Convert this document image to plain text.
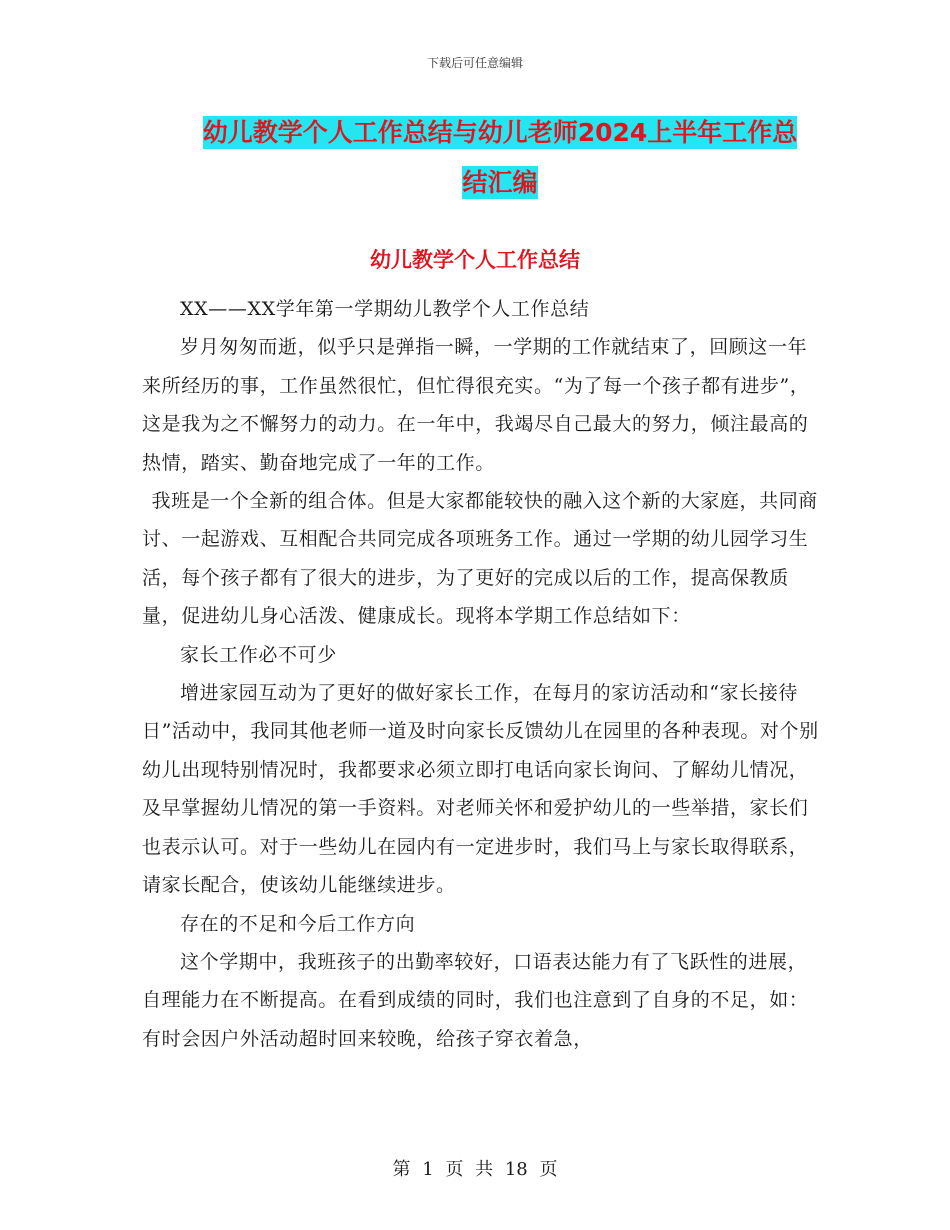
下载后可任意编辑
幼儿教学个人工作总结与幼儿老师2024上半年工作总
结汇编
幼儿教学个人工作总结

XX——XX学年第一学期幼儿教学个人工作总结

岁月匆匆而逝，似乎只是弹指一瞬，一学期的工作就结束了，回顾这一年来所经历的事，工作虽然很忙，但忙得很充实。“为了每一个孩子都有进步”，这是我为之不懈努力的动力。在一年中，我竭尽自己最大的努力，倾注最高的热情，踏实、勤奋地完成了一年的工作。

我班是一个全新的组合体。但是大家都能较快的融入这个新的大家庭，共同商讨、一起游戏、互相配合共同完成各项班务工作。通过一学期的幼儿园学习生活，每个孩子都有了很大的进步，为了更好的完成以后的工作，提高保教质量，促进幼儿身心活泼、健康成长。现将本学期工作总结如下：

家长工作必不可少

增进家园互动为了更好的做好家长工作，在每月的家访活动和“家长接待日”活动中，我同其他老师一道及时向家长反馈幼儿在园里的各种表现。对个别幼儿出现特别情况时，我都要求必须立即打电话向家长询问、了解幼儿情况，及早掌握幼儿情况的第一手资料。对老师关怀和爱护幼儿的一些举措，家长们也表示认可。对于一些幼儿在园内有一定进步时，我们马上与家长取得联系，请家长配合，使该幼儿能继续进步。

存在的不足和今后工作方向

这个学期中，我班孩子的出勤率较好，口语表达能力有了飞跃性的进展，自理能力在不断提高。在看到成绩的同时，我们也注意到了自身的不足，如：有时会因户外活动超时回来较晚，给孩子穿衣着急，

第 1 页 共 18 页
